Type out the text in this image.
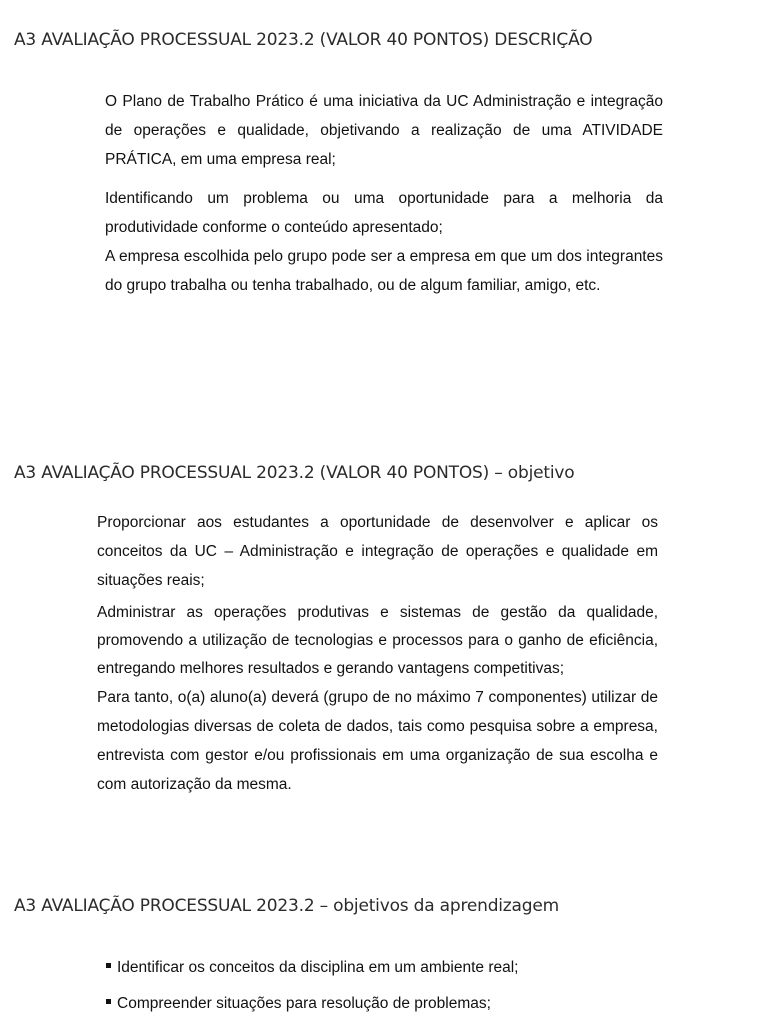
A3 AVALIAÇÃO PROCESSUAL 2023.2 (VALOR 40 PONTOS) DESCRIÇÃO

O Plano de Trabalho Prático é uma iniciativa da UC Administração e integração de operações e qualidade, objetivando a realização de uma ATIVIDADE PRÁTICA, em uma empresa real;

Identificando um problema ou uma oportunidade para a melhoria da produtividade conforme o conteúdo apresentado;

A empresa escolhida pelo grupo pode ser a empresa em que um dos integrantes do grupo trabalha ou tenha trabalhado, ou de algum familiar, amigo, etc.

A3 AVALIAÇÃO PROCESSUAL 2023.2 (VALOR 40 PONTOS) – objetivo

Proporcionar aos estudantes a oportunidade de desenvolver e aplicar os conceitos da UC – Administração e integração de operações e qualidade em situações reais;

Administrar as operações produtivas e sistemas de gestão da qualidade, promovendo a utilização de tecnologias e processos para o ganho de eficiência, entregando melhores resultados e gerando vantagens competitivas;

Para tanto, o(a) aluno(a) deverá (grupo de no máximo 7 componentes) utilizar de metodologias diversas de coleta de dados, tais como pesquisa sobre a empresa, entrevista com gestor e/ou profissionais em uma organização de sua escolha e com autorização da mesma.

A3 AVALIAÇÃO PROCESSUAL 2023.2 – objetivos da aprendizagem
Identificar os conceitos da disciplina em um ambiente real;
Compreender situações para resolução de problemas;
